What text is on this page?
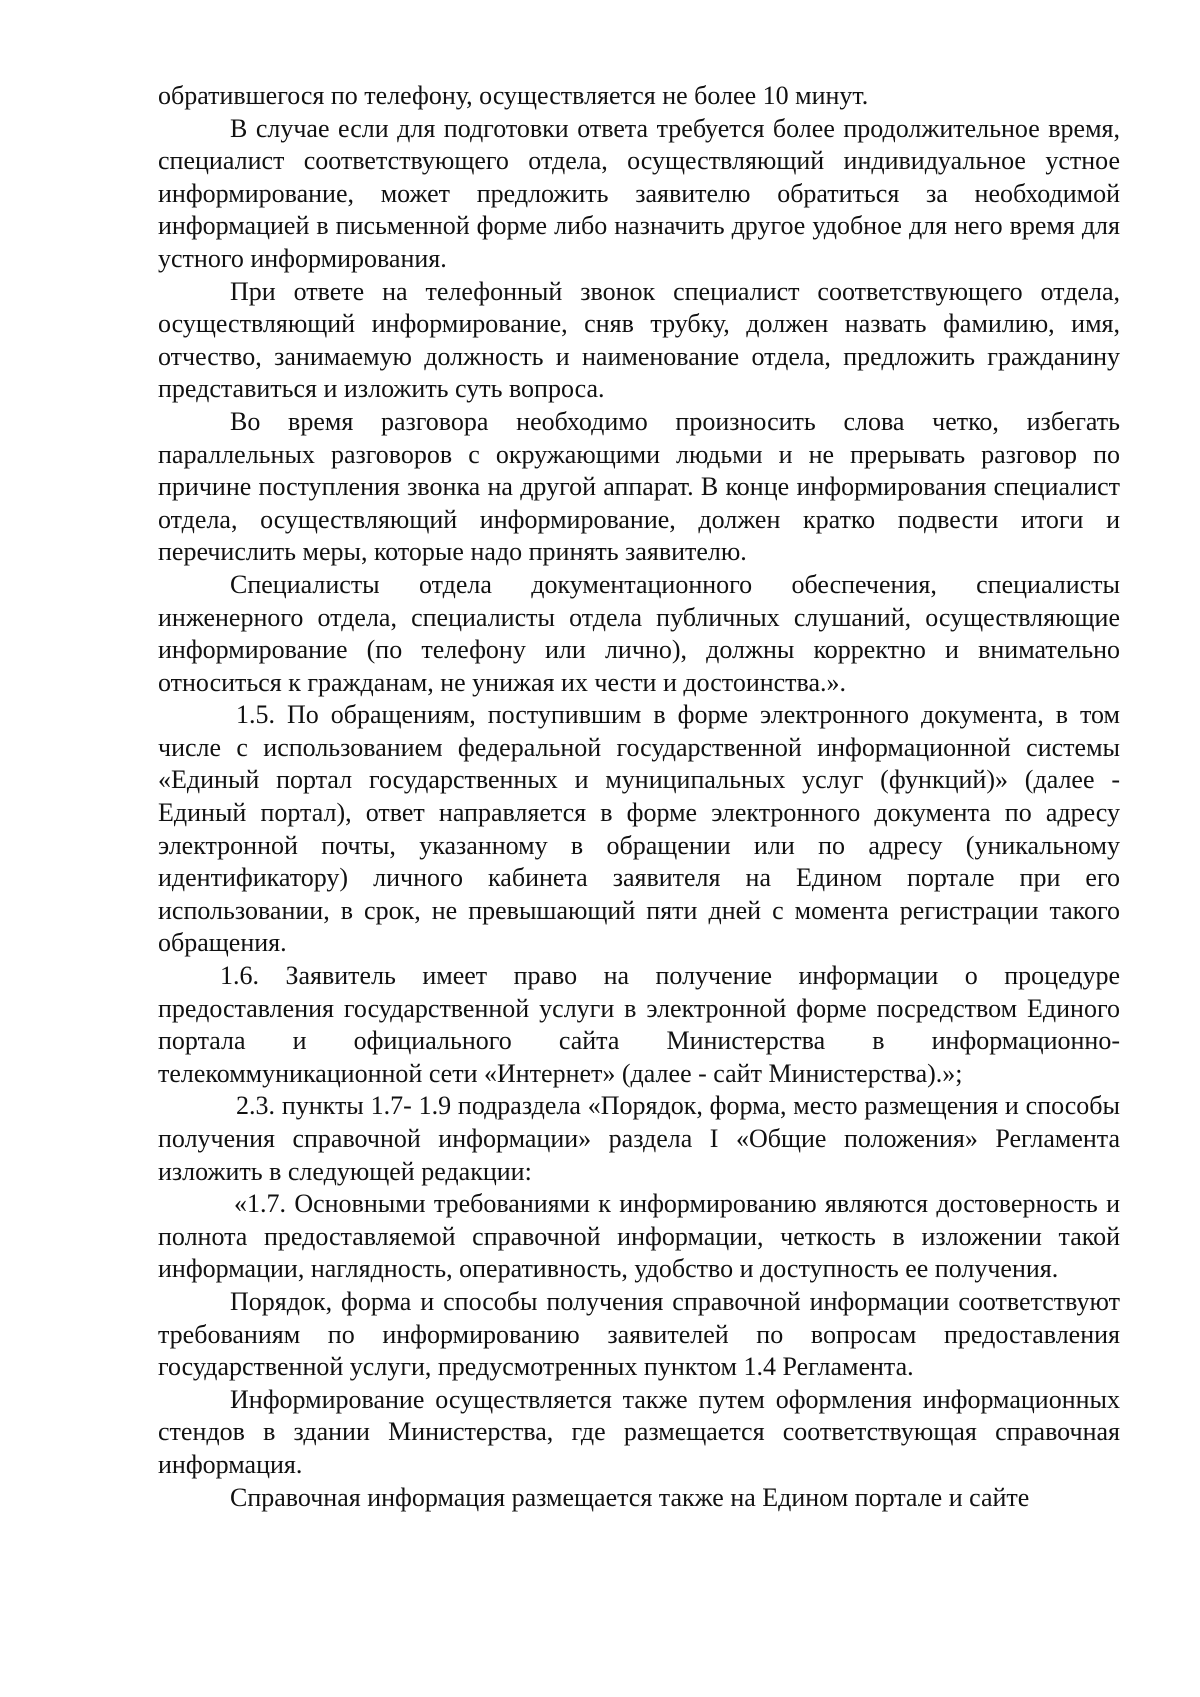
обратившегося по телефону, осуществляется не более 10 минут.

В случае если для подготовки ответа требуется более продолжительное время, специалист соответствующего отдела, осуществляющий индивидуальное устное информирование, может предложить заявителю обратиться за необходимой информацией в письменной форме либо назначить другое удобное для него время для устного информирования.

При ответе на телефонный звонок специалист соответствующего отдела, осуществляющий информирование, сняв трубку, должен назвать фамилию, имя, отчество, занимаемую должность и наименование отдела, предложить гражданину представиться и изложить суть вопроса.

Во время разговора необходимо произносить слова четко, избегать параллельных разговоров с окружающими людьми и не прерывать разговор по причине поступления звонка на другой аппарат. В конце информирования специалист отдела, осуществляющий информирование, должен кратко подвести итоги и перечислить меры, которые надо принять заявителю.

Специалисты отдела документационного обеспечения, специалисты инженерного отдела, специалисты отдела публичных слушаний, осуществляющие информирование (по телефону или лично), должны корректно и внимательно относиться к гражданам, не унижая их чести и достоинства.».

1.5. По обращениям, поступившим в форме электронного документа, в том числе с использованием федеральной государственной информационной системы «Единый портал государственных и муниципальных услуг (функций)» (далее - Единый портал), ответ направляется в форме электронного документа по адресу электронной почты, указанному в обращении или по адресу (уникальному идентификатору) личного кабинета заявителя на Едином портале при его использовании, в срок, не превышающий пяти дней с момента регистрации такого обращения.

1.6. Заявитель имеет право на получение информации о процедуре предоставления государственной услуги в электронной форме посредством Единого портала и официального сайта Министерства в информационно-телекоммуникационной сети «Интернет» (далее - сайт Министерства).»;

2.3. пункты 1.7- 1.9 подраздела «Порядок, форма, место размещения и способы получения справочной информации» раздела I «Общие положения» Регламента изложить в следующей редакции:

«1.7. Основными требованиями к информированию являются достоверность и полнота предоставляемой справочной информации, четкость в изложении такой информации, наглядность, оперативность, удобство и доступность ее получения.

Порядок, форма и способы получения справочной информации соответствуют требованиям по информированию заявителей по вопросам предоставления государственной услуги, предусмотренных пунктом 1.4 Регламента.

Информирование осуществляется также путем оформления информационных стендов в здании Министерства, где размещается соответствующая справочная информация.

Справочная информация размещается также на Едином портале и сайте
